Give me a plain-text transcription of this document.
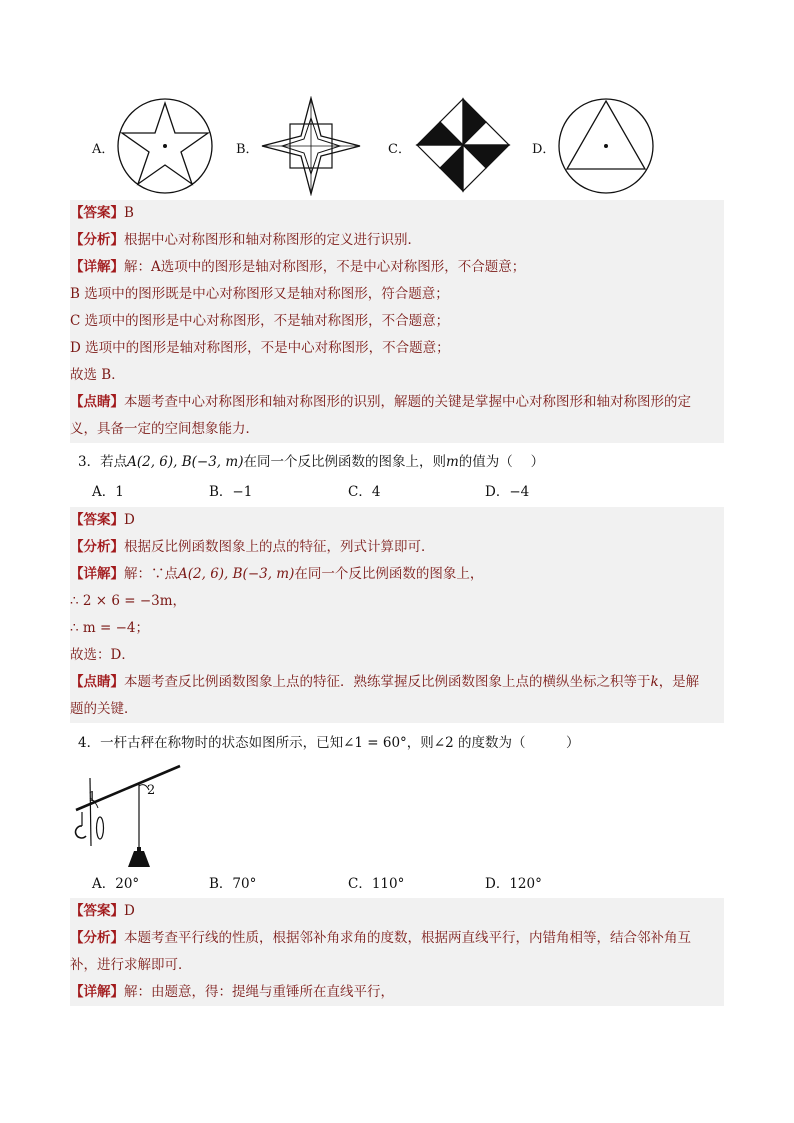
A．	B．	C．	D．
【答案】B
【分析】根据中心对称图形和轴对称图形的定义进行识别．
【详解】解：A选项中的图形是轴对称图形，不是中心对称图形，不合题意；
B 选项中的图形既是中心对称图形又是轴对称图形，符合题意；
C 选项中的图形是中心对称图形，不是轴对称图形，不合题意；
D 选项中的图形是轴对称图形，不是中心对称图形，不合题意；
故选 B．
【点睛】本题考查中心对称图形和轴对称图形的识别，解题的关键是掌握中心对称图形和轴对称图形的定
义，具备一定的空间想象能力．
3．若点A(2, 6), B(−3, m)在同一个反比例函数的图象上，则m的值为（　 ）
A．1	B．−1	C．4	D．−4
【答案】D
【分析】根据反比例函数图象上的点的特征，列式计算即可．
【详解】解：∵点A(2, 6), B(−3, m)在同一个反比例函数的图象上，
∴ 2 × 6 = −3m，
∴ m = −4；
故选：D．
【点睛】本题考查反比例函数图象上点的特征．熟练掌握反比例函数图象上点的横纵坐标之积等于k，是解
题的关键．
4．一杆古秤在称物时的状态如图所示，已知∠1 = 60°，则∠2 的度数为（　　　）
1	2
A．20°	B．70°	C．110°	D．120°
【答案】D
【分析】本题考查平行线的性质，根据邻补角求角的度数，根据两直线平行，内错角相等，结合邻补角互
补，进行求解即可．
【详解】解：由题意，得：提绳与重锤所在直线平行，
